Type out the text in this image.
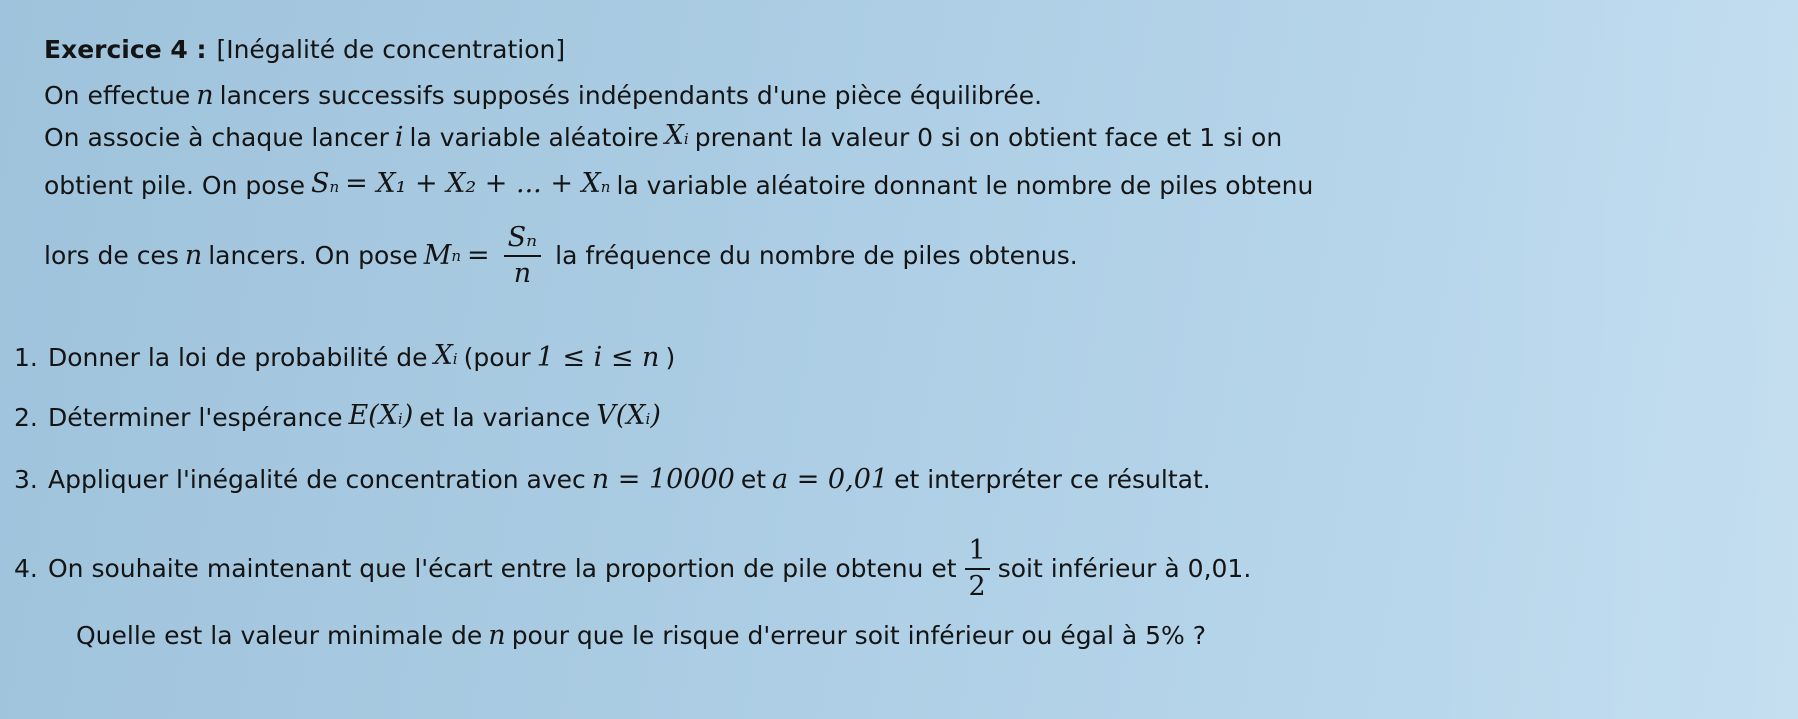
Exercice 4 : [Inégalité de concentration]
On effectue n lancers successifs supposés indépendants d'une pièce équilibrée.
On associe à chaque lancer i la variable aléatoire X i prenant la valeur 0 si on obtient face et 1 si on
obtient pile. On pose S n = X₁ + X₂ + ... + X n la variable aléatoire donnant le nombre de piles obtenu
lors de ces n lancers. On pose M $n = \frac{\text{Sₙ}}{n}$ la fréquence du nombre de piles obtenus.
1. Donner la loi de probabilité de X i (pour 1 ≤ i ≤ n )
2. Déterminer l'espérance E(X i ) et la variance V(X i )
3. Appliquer l'inégalité de concentration avec n = 10000 et a = 0,01 et interpréter ce résultat.
4. On souhaite maintenant que l'écart entre la proportion de pile obtenu et $\frac{1}{2}$ soit inférieur à 0,01.
Quelle est la valeur minimale de n pour que le risque d'erreur soit inférieur ou égal à 5% ?
